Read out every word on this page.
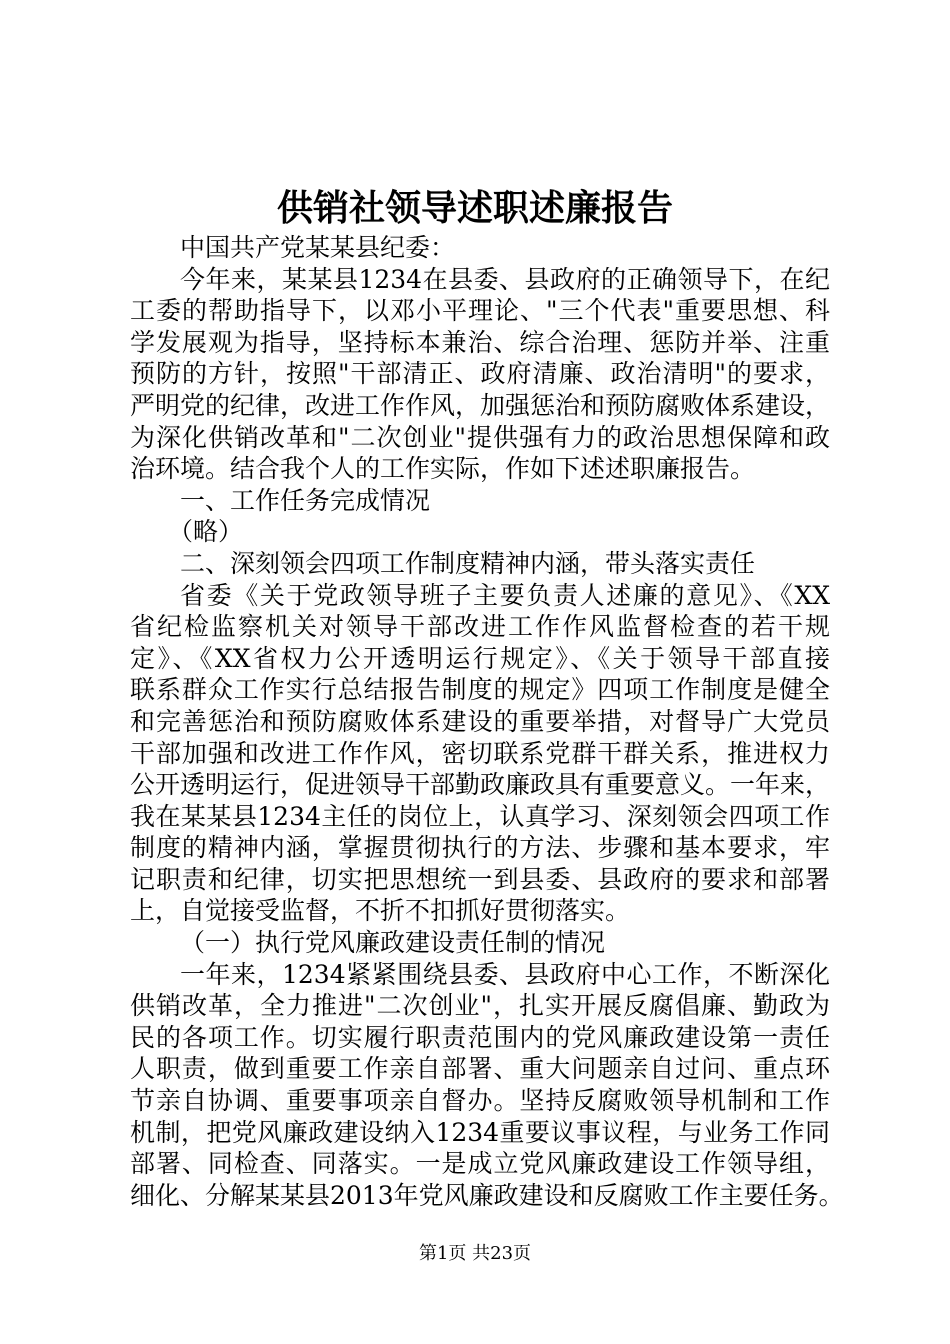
供销社领导述职述廉报告
中国共产党某某县纪委：
今年来，某某县1234在县委、县政府的正确领导下，在纪
工委的帮助指导下，以邓小平理论、"三个代表"重要思想、科
学发展观为指导，坚持标本兼治、综合治理、惩防并举、注重
预防的方针，按照"干部清正、政府清廉、政治清明"的要求，
严明党的纪律，改进工作作风，加强惩治和预防腐败体系建设，
为深化供销改革和"二次创业"提供强有力的政治思想保障和政
治环境。结合我个人的工作实际，作如下述述职廉报告。
一、工作任务完成情况
（略）
二、深刻领会四项工作制度精神内涵，带头落实责任
省委《关于党政领导班子主要负责人述廉的意见》、《XX
省纪检监察机关对领导干部改进工作作风监督检查的若干规
定》、《XX省权力公开透明运行规定》、《关于领导干部直接
联系群众工作实行总结报告制度的规定》四项工作制度是健全
和完善惩治和预防腐败体系建设的重要举措，对督导广大党员
干部加强和改进工作作风，密切联系党群干群关系，推进权力
公开透明运行，促进领导干部勤政廉政具有重要意义。一年来，
我在某某县1234主任的岗位上，认真学习、深刻领会四项工作
制度的精神内涵，掌握贯彻执行的方法、步骤和基本要求，牢
记职责和纪律，切实把思想统一到县委、县政府的要求和部署
上，自觉接受监督，不折不扣抓好贯彻落实。
（一）执行党风廉政建设责任制的情况
一年来，1234紧紧围绕县委、县政府中心工作，不断深化
供销改革，全力推进"二次创业"，扎实开展反腐倡廉、勤政为
民的各项工作。切实履行职责范围内的党风廉政建设第一责任
人职责，做到重要工作亲自部署、重大问题亲自过问、重点环
节亲自协调、重要事项亲自督办。坚持反腐败领导机制和工作
机制，把党风廉政建设纳入1234重要议事议程，与业务工作同
部署、同检查、同落实。一是成立党风廉政建设工作领导组，
细化、分解某某县2013年党风廉政建设和反腐败工作主要任务。
第1页 共23页
